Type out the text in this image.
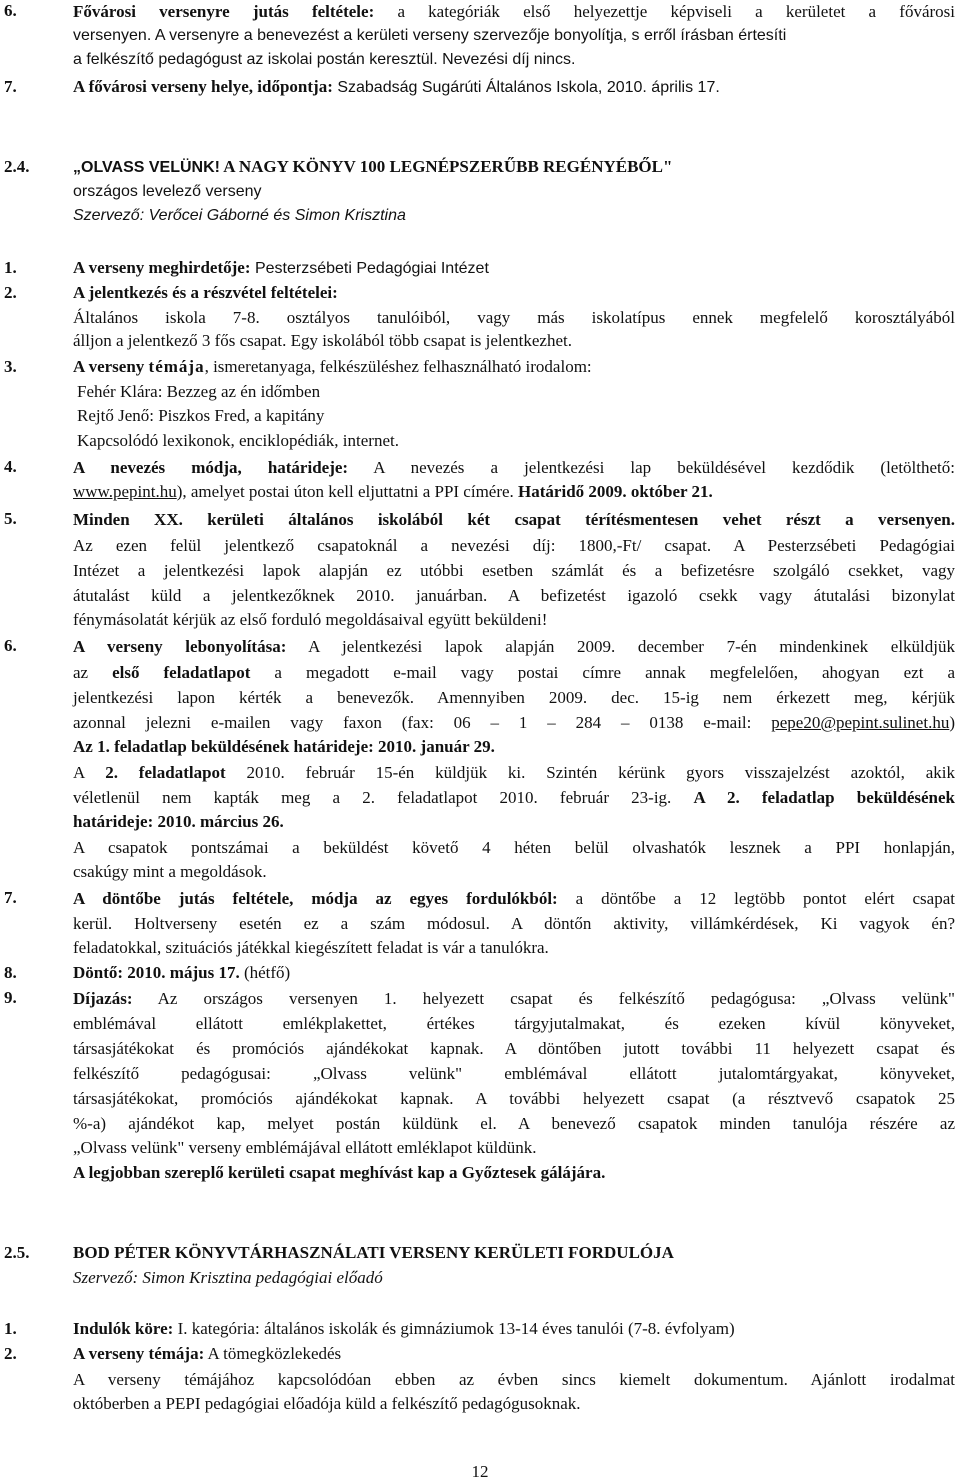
6.	Fővárosi versenyre jutás feltétele: a kategóriák első helyezettje képviseli a kerületet a fővárosi
versenyen. A versenyre a benevezést a kerületi verseny szervezője bonyolítja, s erről írásban értesíti
a felkészítő pedagógust az iskolai postán keresztül. Nevezési díj nincs.
7.	A fővárosi verseny helye, időpontja: Szabadság Sugárúti Általános Iskola, 2010. április 17.
2.4.	„OLVASS VELÜNK! A NAGY KÖNYV 100 LEGNÉPSZERŰBB REGÉNYÉBŐL"
országos levelező verseny
Szervező: Verőcei Gáborné és Simon Krisztina
1.	A verseny meghirdetője: Pesterzsébeti Pedagógiai Intézet
2.	A jelentkezés és a részvétel feltételei:
Általános iskola 7-8. osztályos tanulóiból, vagy más iskolatípus ennek megfelelő korosztályából
álljon a jelentkező 3 fős csapat. Egy iskolából több csapat is jelentkezhet.
3.	A verseny témája, ismeretanyaga, felkészüléshez felhasználható irodalom:
Fehér Klára: Bezzeg az én időmben
Rejtő Jenő: Piszkos Fred, a kapitány
Kapcsolódó lexikonok, enciklopédiák, internet.
4.	A nevezés módja, határideje: A nevezés a jelentkezési lap beküldésével kezdődik (letölthető:
www.pepint.hu), amelyet postai úton kell eljuttatni a PPI címére. Határidő 2009. október 21.
5.	Minden XX. kerületi általános iskolából két csapat térítésmentesen vehet részt a versenyen.
Az ezen felül jelentkező csapatoknál a nevezési díj: 1800,-Ft/ csapat. A Pesterzsébeti Pedagógiai
Intézet a jelentkezési lapok alapján ez utóbbi esetben számlát és a befizetésre szolgáló csekket, vagy
átutalást küld a jelentkezőknek 2010. januárban. A befizetést igazoló csekk vagy átutalási bizonylat
fénymásolatát kérjük az első forduló megoldásaival együtt beküldeni!
6.	A verseny lebonyolítása: A jelentkezési lapok alapján 2009. december 7-én mindenkinek elküldjük
az első feladatlapot a megadott e-mail vagy postai címre annak megfelelően, ahogyan ezt a
jelentkezési lapon kérték a benevezők. Amennyiben 2009. dec. 15-ig nem érkezett meg, kérjük
azonnal jelezni e-mailen vagy faxon (fax: 06 – 1 – 284 – 0138 e-mail: pepe20@pepint.sulinet.hu)
Az 1. feladatlap beküldésének határideje: 2010. január 29.
A 2. feladatlapot 2010. február 15-én küldjük ki. Szintén kérünk gyors visszajelzést azoktól, akik
véletlenül nem kapták meg a 2. feladatlapot 2010. február 23-ig. A 2. feladatlap beküldésének
határideje: 2010. március 26.
A csapatok pontszámai a beküldést követő 4 héten belül olvashatók lesznek a PPI honlapján,
csakúgy mint a megoldások.
7.	A döntőbe jutás feltétele, módja az egyes fordulókból: a döntőbe a 12 legtöbb pontot elért csapat
kerül. Holtverseny esetén ez a szám módosul. A döntőn aktivity, villámkérdések, Ki vagyok én?
feladatokkal, szituációs játékkal kiegészített feladat is vár a tanulókra.
8.	Döntő: 2010. május 17. (hétfő)
9.	Díjazás: Az országos versenyen 1. helyezett csapat és felkészítő pedagógusa: „Olvass velünk"
emblémával ellátott emlékplakettet, értékes tárgyjutalmakat, és ezeken kívül könyveket,
társasjátékokat és promóciós ajándékokat kapnak. A döntőben jutott további 11 helyezett csapat és
felkészítő pedagógusai: „Olvass velünk" emblémával ellátott jutalomtárgyakat, könyveket,
társasjátékokat, promóciós ajándékokat kapnak. A további helyezett csapat (a résztvevő csapatok 25
%-a) ajándékot kap, melyet postán küldünk el. A benevező csapatok minden tanulója részére az
„Olvass velünk" verseny emblémájával ellátott emléklapot küldünk.
A legjobban szereplő kerületi csapat meghívást kap a Győztesek gálájára.
2.5.	BOD PÉTER KÖNYVTÁRHASZNÁLATI VERSENY KERÜLETI FORDULÓJA
Szervező: Simon Krisztina pedagógiai előadó
1.	Indulók köre: I. kategória: általános iskolák és gimnáziumok 13-14 éves tanulói (7-8. évfolyam)
2.	A verseny témája: A tömegközlekedés
A verseny témájához kapcsolódóan ebben az évben sincs kiemelt dokumentum. Ajánlott irodalmat
októberben a PEPI pedagógiai előadója küld a felkészítő pedagógusoknak.
12
